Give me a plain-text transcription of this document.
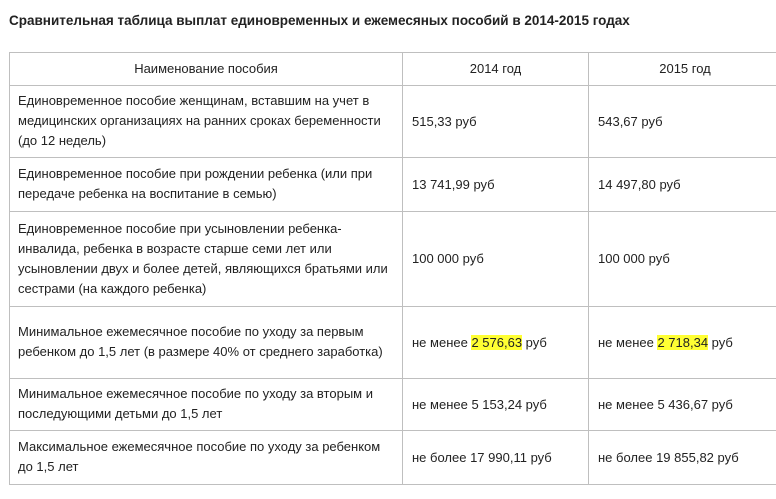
Сравнительная таблица выплат единовременных и ежемесяных пособий в 2014-2015 годах
Наименование пособия	2014 год	2015 год
Единовременное пособие женщинам, вставшим на учет в медицинских организациях на ранних сроках беременности (до 12 недель)	515,33 руб	543,67 руб
Единовременное пособие при рождении ребенка (или при передаче ребенка на воспитание в семью)	13 741,99 руб	14 497,80 руб
Единовременное пособие при усыновлении ребенка-инвалида, ребенка в возрасте старше семи лет или усыновлении двух и более детей, являющихся братьями или сестрами (на каждого ребенка)	100 000 руб	100 000 руб
Минимальное ежемесячное пособие по уходу за первым ребенком до 1,5 лет (в размере 40% от среднего заработка)	не менее 2 576,63 руб	не менее 2 718,34 руб
Минимальное ежемесячное пособие по уходу за вторым и последующими детьми до 1,5 лет	не менее 5 153,24 руб	не менее 5 436,67 руб
Максимальное ежемесячное пособие по уходу за ребенком до 1,5 лет	не более 17 990,11 руб	не более 19 855,82 руб
